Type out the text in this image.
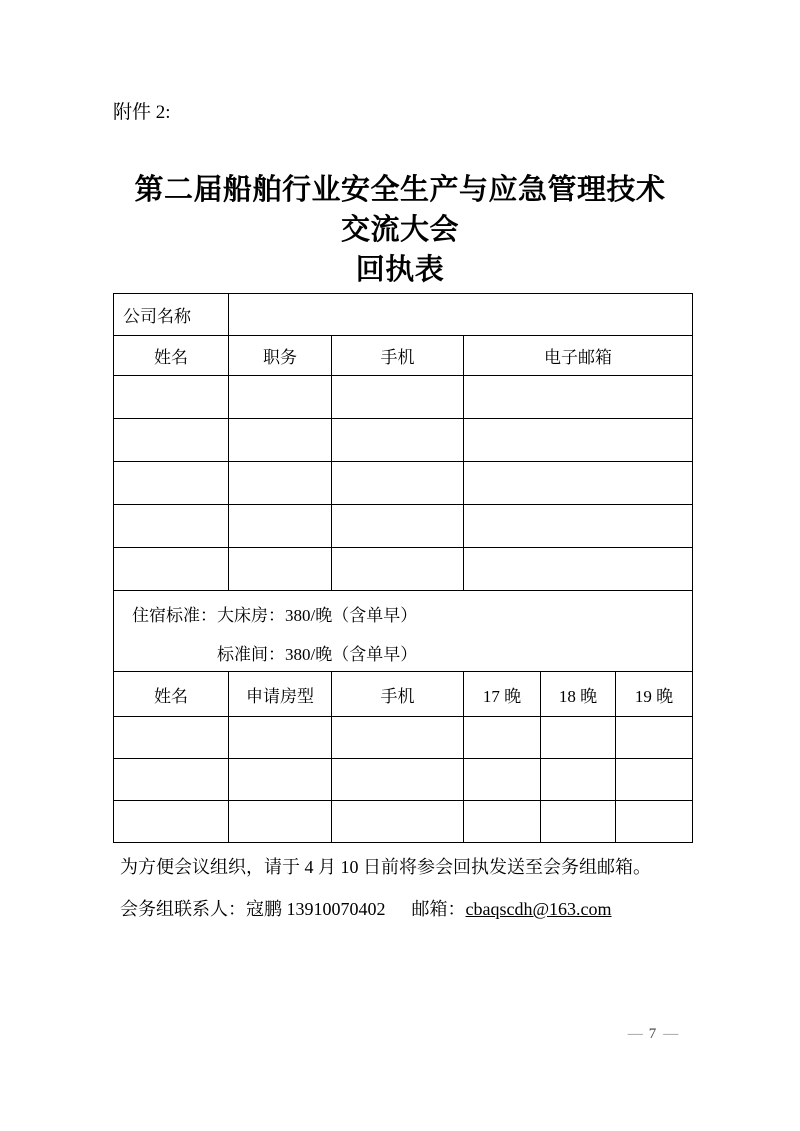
附件 2:
第二届船舶行业安全生产与应急管理技术
交流大会
回执表
公司名称					
姓名	职务	手机	电子邮箱		

住宿标准：大床房：380/晚（含单早）
标准间：380/晚（含单早）					

姓名	申请房型	手机	17 晚	18 晚	19 晚

为方便会议组织，请于 4 月 10 日前将参会回执发送至会务组邮箱。
会务组联系人：寇鹏 13910070402 邮箱：cbaqscdh@163.com
— 7 —
